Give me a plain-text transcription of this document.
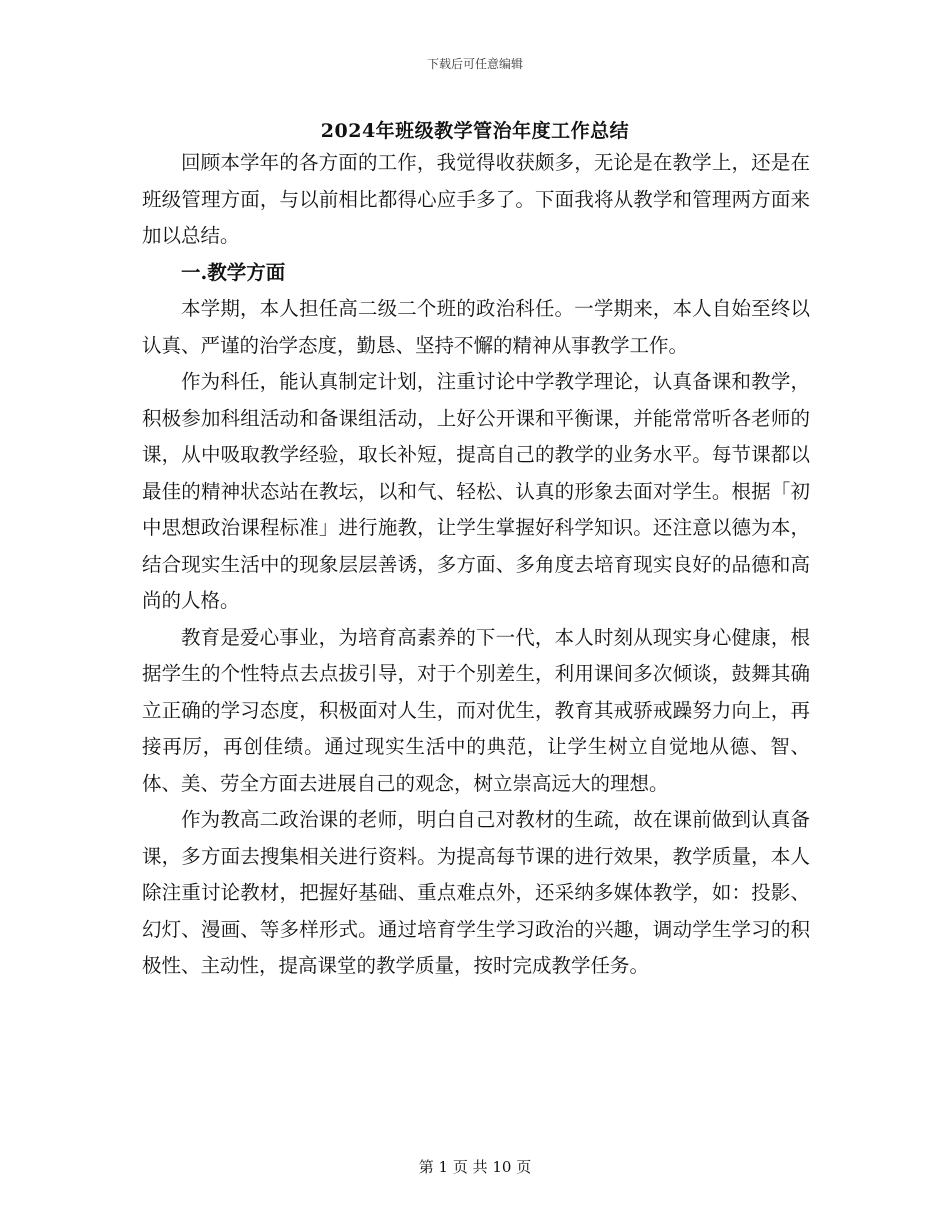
下载后可任意编辑
2024年班级教学管治年度工作总结

回顾本学年的各方面的工作，我觉得收获颇多，无论是在教学上，还是在班级管理方面，与以前相比都得心应手多了。下面我将从教学和管理两方面来加以总结。

一.教学方面

本学期，本人担任高二级二个班的政治科任。一学期来，本人自始至终以认真、严谨的治学态度，勤恳、坚持不懈的精神从事教学工作。

作为科任，能认真制定计划，注重讨论中学教学理论，认真备课和教学，积极参加科组活动和备课组活动，上好公开课和平衡课，并能常常听各老师的课，从中吸取教学经验，取长补短，提高自己的教学的业务水平。每节课都以最佳的精神状态站在教坛，以和气、轻松、认真的形象去面对学生。根据「初中思想政治课程标准」进行施教，让学生掌握好科学知识。还注意以德为本，结合现实生活中的现象层层善诱，多方面、多角度去培育现实良好的品德和高尚的人格。

教育是爱心事业，为培育高素养的下一代，本人时刻从现实身心健康，根据学生的个性特点去点拔引导，对于个别差生，利用课间多次倾谈，鼓舞其确立正确的学习态度，积极面对人生，而对优生，教育其戒骄戒躁努力向上，再接再厉，再创佳绩。通过现实生活中的典范，让学生树立自觉地从德、智、体、美、劳全方面去进展自己的观念，树立崇高远大的理想。

作为教高二政治课的老师，明白自己对教材的生疏，故在课前做到认真备课，多方面去搜集相关进行资料。为提高每节课的进行效果，教学质量，本人除注重讨论教材，把握好基础、重点难点外，还采纳多媒体教学，如：投影、幻灯、漫画、等多样形式。通过培育学生学习政治的兴趣，调动学生学习的积极性、主动性，提高课堂的教学质量，按时完成教学任务。

第 1 页 共 10 页
